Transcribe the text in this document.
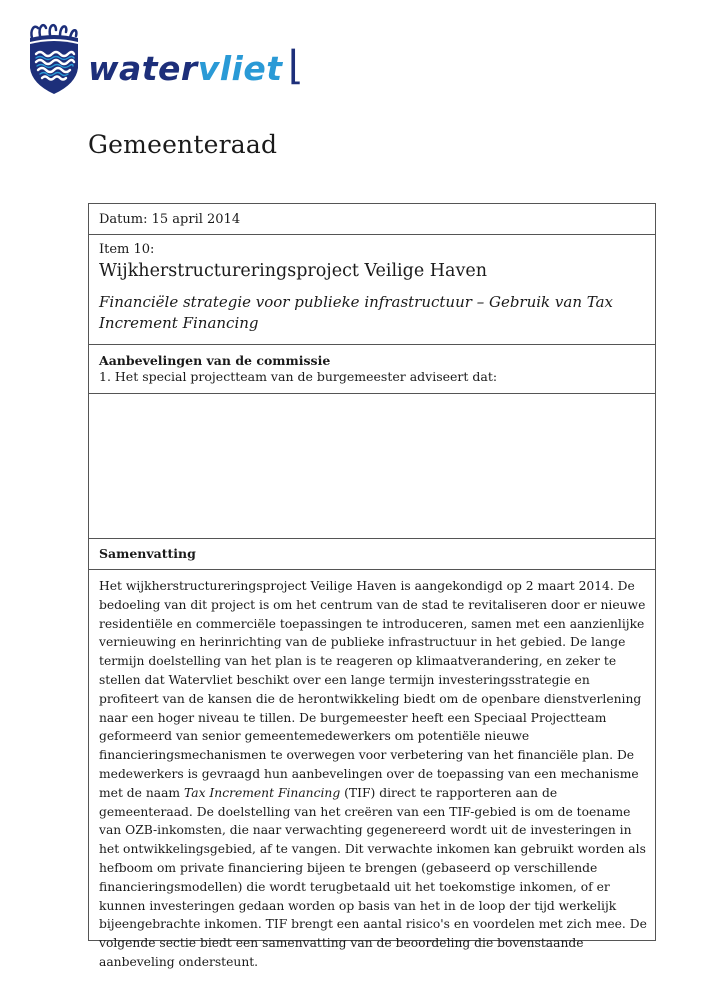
watervliet ⌊
Gemeenteraad
Datum: 15 april 2014
Item 10:
Wijkherstructureringsproject Veilige Haven
Financiële strategie voor publieke infrastructuur – Gebruik van Tax Increment Financing
Aanbevelingen van de commissie
1. Het special projectteam van de burgemeester adviseert dat:
Samenvatting

Het wijkherstructureringsproject Veilige Haven is aangekondigd op 2 maart 2014. De bedoeling van dit project is om het centrum van de stad te revitaliseren door er nieuwe residentiële en commerciële toepassingen te introduceren, samen met een aanzienlijke vernieuwing en herinrichting van de publieke infrastructuur in het gebied. De lange termijn doelstelling van het plan is te reageren op klimaatverandering, en zeker te stellen dat Watervliet beschikt over een lange termijn investeringsstrategie en profiteert van de kansen die de herontwikkeling biedt om de openbare dienstverlening naar een hoger niveau te tillen. De burgemeester heeft een Speciaal Projectteam geformeerd van senior gemeentemedewerkers om potentiële nieuwe financieringsmechanismen te overwegen voor verbetering van het financiële plan. De medewerkers is gevraagd hun aanbevelingen over de toepassing van een mechanisme met de naam Tax Increment Financing (TIF) direct te rapporteren aan de gemeenteraad. De doelstelling van het creëren van een TIF-gebied is om de toename van OZB-inkomsten, die naar verwachting gegenereerd wordt uit de investeringen in het ontwikkelingsgebied, af te vangen. Dit verwachte inkomen kan gebruikt worden als hefboom om private financiering bijeen te brengen (gebaseerd op verschillende financieringsmodellen) die wordt terugbetaald uit het toekomstige inkomen, of er kunnen investeringen gedaan worden op basis van het in de loop der tijd werkelijk bijeengebrachte inkomen. TIF brengt een aantal risico's en voordelen met zich mee. De volgende sectie biedt een samenvatting van de beoordeling die bovenstaande aanbeveling ondersteunt.
